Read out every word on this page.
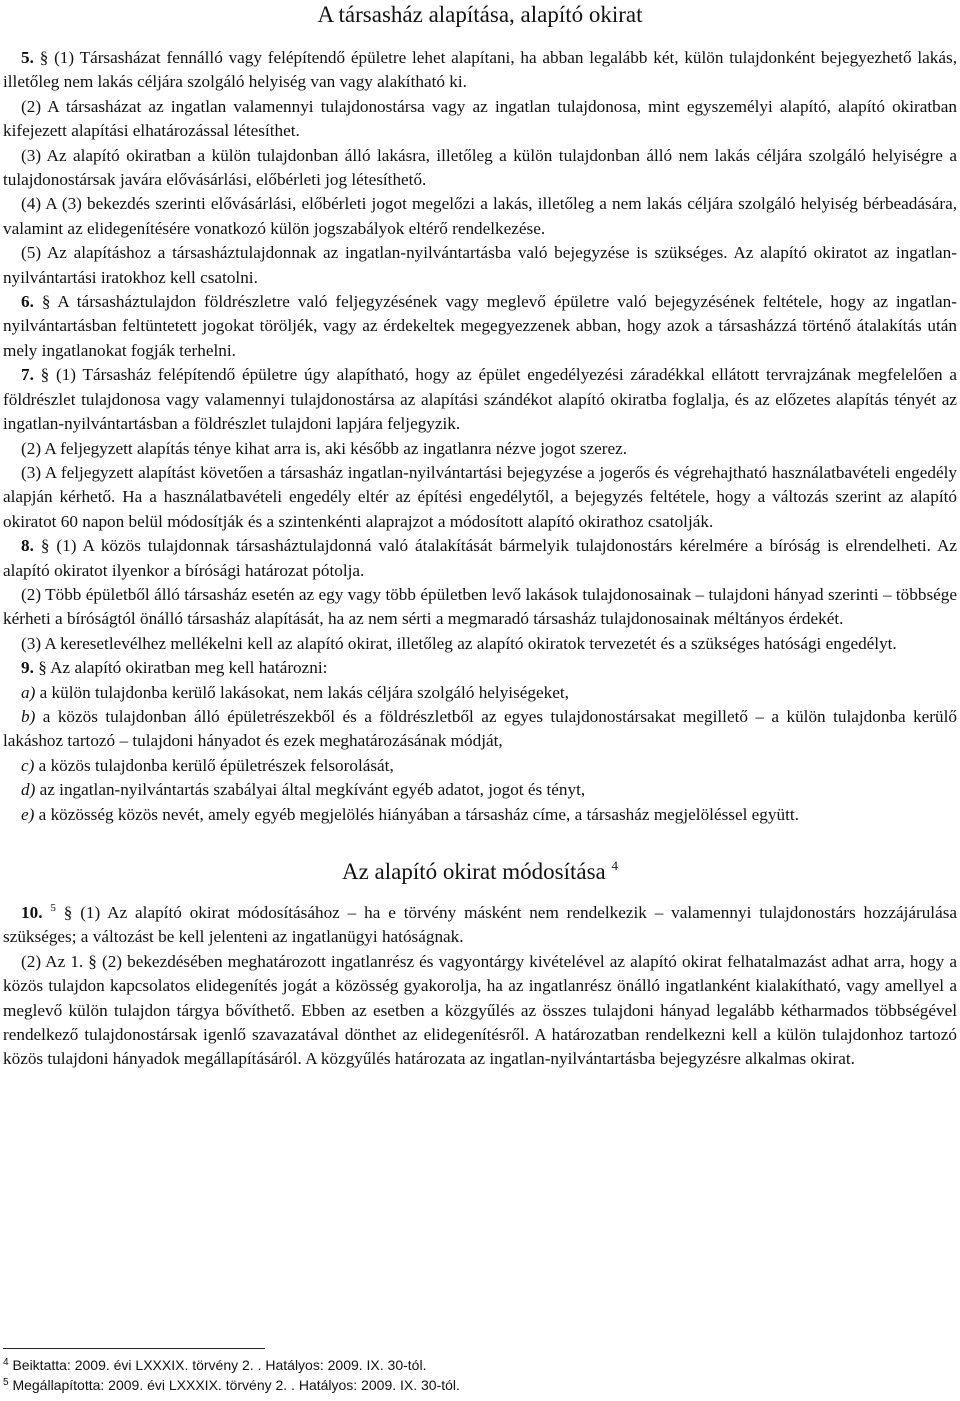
A társasház alapítása, alapító okirat

5. § (1) Társasházat fennálló vagy felépítendő épületre lehet alapítani, ha abban legalább két, külön tulajdonként bejegyezhető lakás, illetőleg nem lakás céljára szolgáló helyiség van vagy alakítható ki.

(2) A társasházat az ingatlan valamennyi tulajdonostársa vagy az ingatlan tulajdonosa, mint egyszemélyi alapító, alapító okiratban kifejezett alapítási elhatározással létesíthet.

(3) Az alapító okiratban a külön tulajdonban álló lakásra, illetőleg a külön tulajdonban álló nem lakás céljára szolgáló helyiségre a tulajdonostársak javára elővásárlási, előbérleti jog létesíthető.

(4) A (3) bekezdés szerinti elővásárlási, előbérleti jogot megelőzi a lakás, illetőleg a nem lakás céljára szolgáló helyiség bérbeadására, valamint az elidegenítésére vonatkozó külön jogszabályok eltérő rendelkezése.

(5) Az alapításhoz a társasháztulajdonnak az ingatlan-nyilvántartásba való bejegyzése is szükséges. Az alapító okiratot az ingatlan-nyilvántartási iratokhoz kell csatolni.

6. § A társasháztulajdon földrészletre való feljegyzésének vagy meglevő épületre való bejegyzésének feltétele, hogy az ingatlan-nyilvántartásban feltüntetett jogokat töröljék, vagy az érdekeltek megegyezzenek abban, hogy azok a társasházzá történő átalakítás után mely ingatlanokat fogják terhelni.

7. § (1) Társasház felépítendő épületre úgy alapítható, hogy az épület engedélyezési záradékkal ellátott tervrajzának megfelelően a földrészlet tulajdonosa vagy valamennyi tulajdonostársa az alapítási szándékot alapító okiratba foglalja, és az előzetes alapítás tényét az ingatlan-nyilvántartásban a földrészlet tulajdoni lapjára feljegyzik.

(2) A feljegyzett alapítás ténye kihat arra is, aki később az ingatlanra nézve jogot szerez.

(3) A feljegyzett alapítást követően a társasház ingatlan-nyilvántartási bejegyzése a jogerős és végrehajtható használatbavételi engedély alapján kérhető. Ha a használatbavételi engedély eltér az építési engedélytől, a bejegyzés feltétele, hogy a változás szerint az alapító okiratot 60 napon belül módosítják és a szintenkénti alaprajzot a módosított alapító okirathoz csatolják.

8. § (1) A közös tulajdonnak társasháztulajdonná való átalakítását bármelyik tulajdonostárs kérelmére a bíróság is elrendelheti. Az alapító okiratot ilyenkor a bírósági határozat pótolja.

(2) Több épületből álló társasház esetén az egy vagy több épületben levő lakások tulajdonosainak – tulajdoni hányad szerinti – többsége kérheti a bíróságtól önálló társasház alapítását, ha az nem sérti a megmaradó társasház tulajdonosainak méltányos érdekét.

(3) A keresetlevélhez mellékelni kell az alapító okirat, illetőleg az alapító okiratok tervezetét és a szükséges hatósági engedélyt.

9. § Az alapító okiratban meg kell határozni:

a) a külön tulajdonba kerülő lakásokat, nem lakás céljára szolgáló helyiségeket,

b) a közös tulajdonban álló épületrészekből és a földrészletből az egyes tulajdonostársakat megillető – a külön tulajdonba kerülő lakáshoz tartozó – tulajdoni hányadot és ezek meghatározásának módját,

c) a közös tulajdonba kerülő épületrészek felsorolását,

d) az ingatlan-nyilvántartás szabályai által megkívánt egyéb adatot, jogot és tényt,

e) a közösség közös nevét, amely egyéb megjelölés hiányában a társasház címe, a társasház megjelöléssel együtt.

Az alapító okirat módosítása $^4$

10. $^5$ § (1) Az alapító okirat módosításához – ha e törvény másként nem rendelkezik – valamennyi tulajdonostárs hozzájárulása szükséges; a változást be kell jelenteni az ingatlanügyi hatóságnak.

(2) Az 1. § (2) bekezdésében meghatározott ingatlanrész és vagyontárgy kivételével az alapító okirat felhatalmazást adhat arra, hogy a közös tulajdon kapcsolatos elidegenítés jogát a közösség gyakorolja, ha az ingatlanrész önálló ingatlanként kialakítható, vagy amellyel a meglevő külön tulajdon tárgya bővíthető. Ebben az esetben a közgyűlés az összes tulajdoni hányad legalább kétharmados többségével rendelkező tulajdonostársak igenlő szavazatával dönthet az elidegenítésről. A határozatban rendelkezni kell a külön tulajdonhoz tartozó közös tulajdoni hányadok megállapításáról. A közgyűlés határozata az ingatlan-nyilvántartásba bejegyzésre alkalmas okirat.

$^4$ Beiktatta: 2009. évi LXXXIX. törvény 2. . Hatályos: 2009. IX. 30-tól.

$^5$ Megállapította: 2009. évi LXXXIX. törvény 2. . Hatályos: 2009. IX. 30-tól.
